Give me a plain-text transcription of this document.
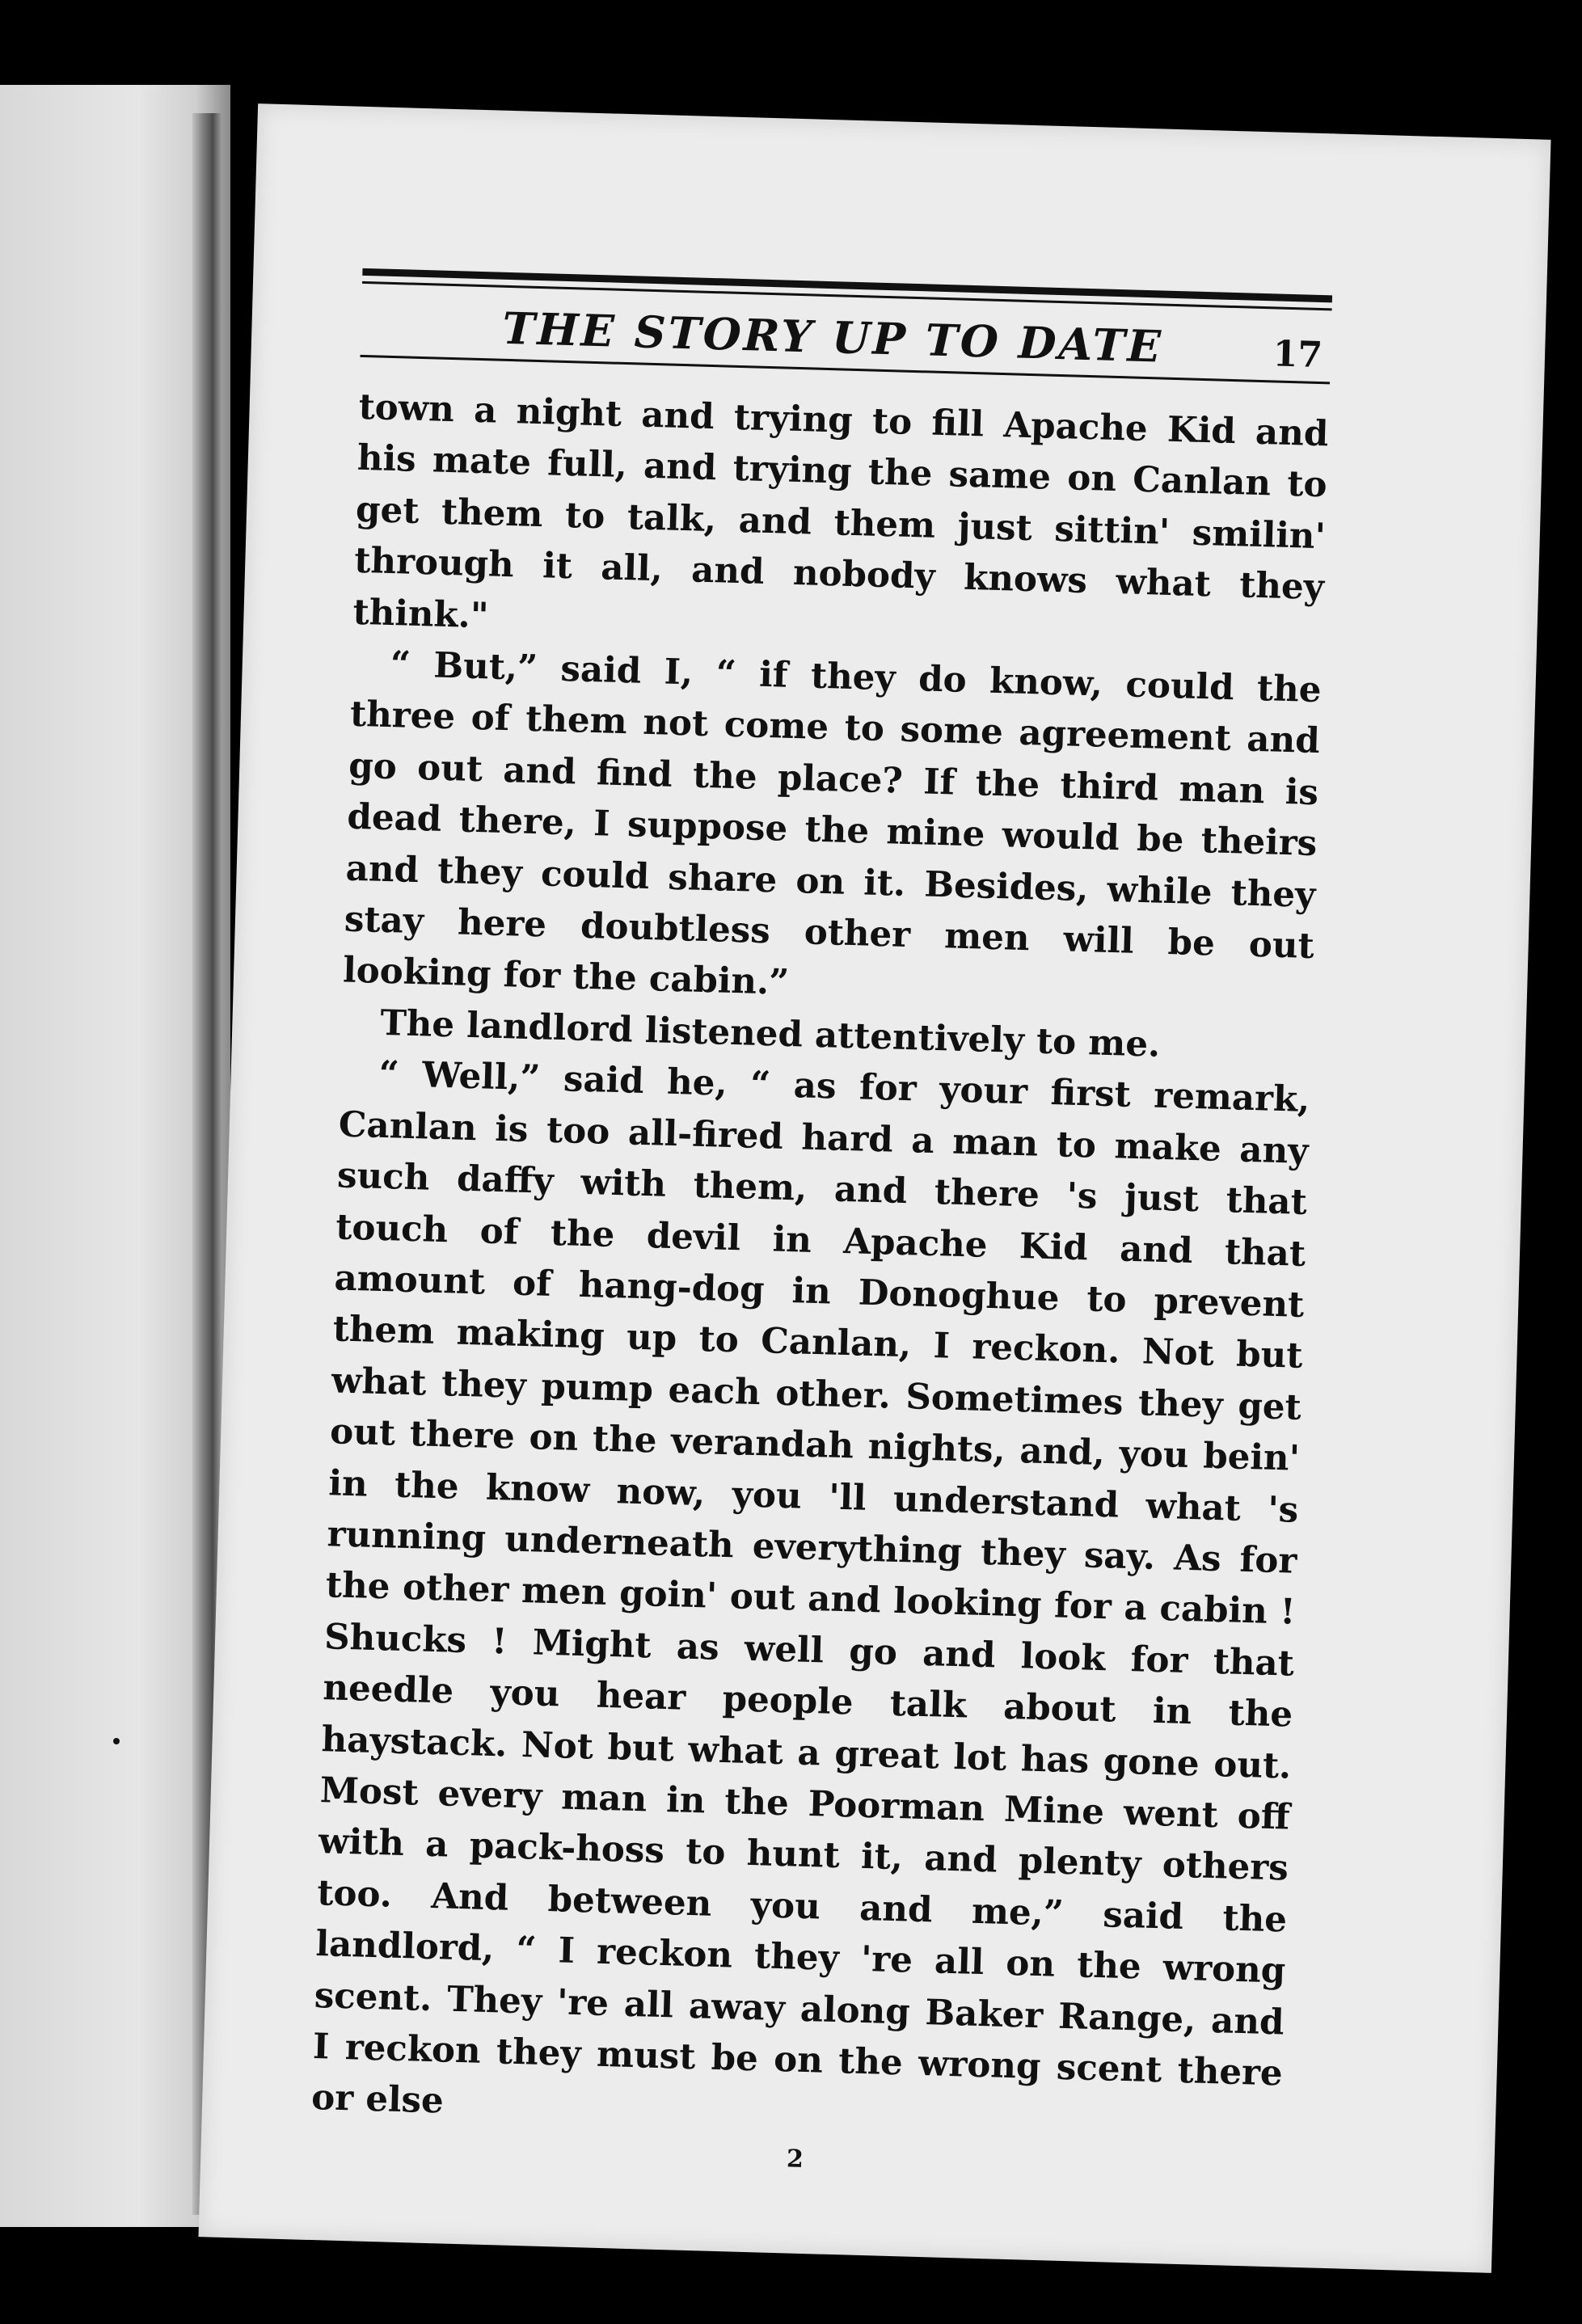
THE STORY UP TO DATE	17

town a night and trying to fill Apache Kid and his mate full, and trying the same on Canlan to get them to talk, and them just sittin' smilin' through it all, and nobody knows what they think."

“ But,” said I, “ if they do know, could the three of them not come to some agreement and go out and find the place? If the third man is dead there, I suppose the mine would be theirs and they could share on it. Besides, while they stay here doubtless other men will be out looking for the cabin.”

The landlord listened attentively to me.

“ Well,” said he, “ as for your first remark, Canlan is too all-fired hard a man to make any such daffy with them, and there 's just that touch of the devil in Apache Kid and that amount of hang-dog in Donoghue to prevent them making up to Canlan, I reckon. Not but what they pump each other. Sometimes they get out there on the verandah nights, and, you bein' in the know now, you 'll understand what 's running underneath everything they say. As for the other men goin' out and looking for a cabin ! Shucks ! Might as well go and look for that needle you hear people talk about in the haystack. Not but what a great lot has gone out. Most every man in the Poorman Mine went off with a pack-hoss to hunt it, and plenty others too. And between you and me,” said the landlord, “ I reckon they 're all on the wrong scent. They 're all away along Baker Range, and I reckon they must be on the wrong scent there or else

2
